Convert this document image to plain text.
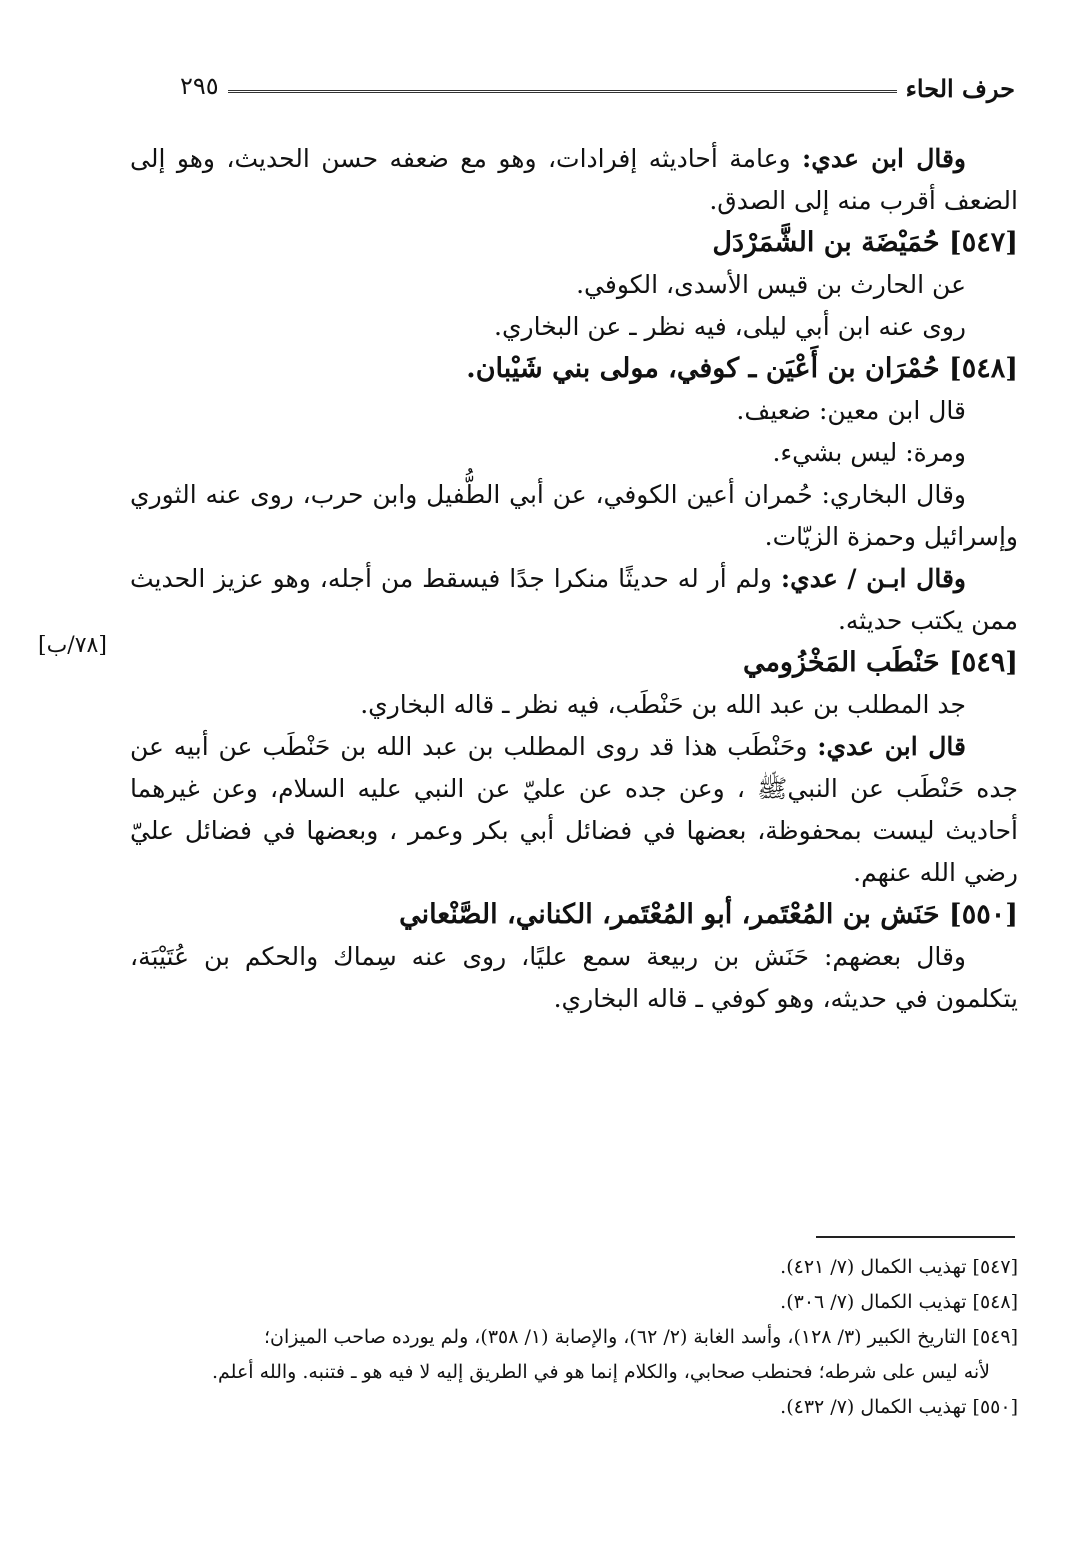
حرف الحاء
٢٩٥

وقال ابن عدي: وعامة أحاديثه إفرادات، وهو مع ضعفه حسن الحديث، وهو إلى الضعف أقرب منه إلى الصدق.

[٥٤٧] حُمَيْضَة بن الشَّمَرْدَل

عن الحارث بن قيس الأسدى، الكوفي.

روى عنه ابن أبي ليلى، فيه نظر ـ عن البخاري.

[٥٤٨] حُمْرَان بن أَعْيَن ـ كوفي، مولى بني شَيْبان.

قال ابن معين: ضعيف.

ومرة: ليس بشيء.

وقال البخاري: حُمران أعين الكوفي، عن أبي الطُّفيل وابن حرب، روى عنه الثوري وإسرائيل وحمزة الزيّات.

وقال ابـن / عدي: ولم أر له حديثًا منكرا جدًا فيسقط من أجله، وهو عزيز الحديث ممن يكتب حديثه.

[٥٤٩] حَنْطَب المَخْزُومي

جد المطلب بن عبد الله بن حَنْطَب، فيه نظر ـ قاله البخاري.

قال ابن عدي: وحَنْطَب هذا قد روى المطلب بن عبد الله بن حَنْطَب عن أبيه عن جده حَنْطَب عن النبيﷺ ، وعن جده عن عليّ عن النبي عليه السلام، وعن غيرهما أحاديث ليست بمحفوظة، بعضها في فضائل أبي بكر وعمر ، وبعضها في فضائل عليّ رضي الله عنهم.

[٥٥٠] حَنَش بن المُعْتَمر، أبو المُعْتَمر، الكناني، الصَّنْعاني

وقال بعضهم: حَنَش بن ربيعة سمع عليًا، روى عنه سِماك والحكم بن عُتَيْبَة، يتكلمون في حديثه، وهو كوفي ـ قاله البخاري.

[٧٨/ب]

[٥٤٧] تهذيب الكمال (٧/ ٤٢١).

[٥٤٨] تهذيب الكمال (٧/ ٣٠٦).

[٥٤٩] التاريخ الكبير (٣/ ١٢٨)، وأسد الغابة (٢/ ٦٢)، والإصابة (١/ ٣٥٨)، ولم يورده صاحب الميزان؛

لأنه ليس على شرطه؛ فحنطب صحابي، والكلام إنما هو في الطريق إليه لا فيه هو ـ فتنبه. والله أعلم.

[٥٥٠] تهذيب الكمال (٧/ ٤٣٢).
